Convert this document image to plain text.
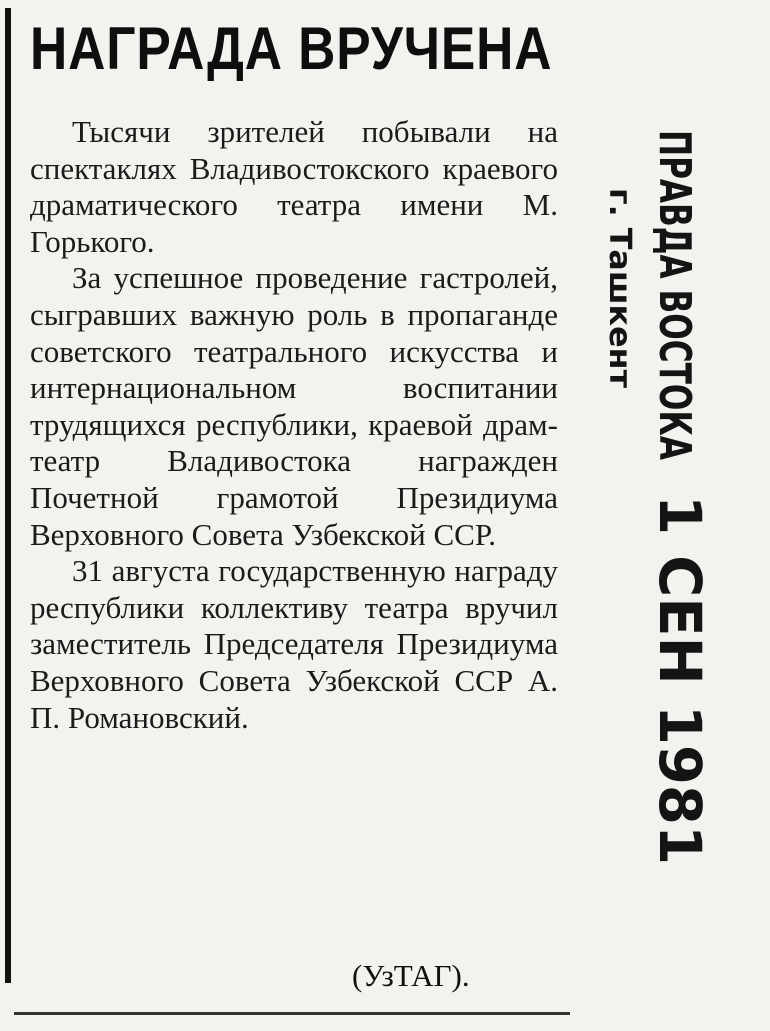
НАГРАДА ВРУЧЕНА

Тысячи зрителей побывали на спектаклях Владивостокского краевого драматического театра имени М. Горького.

За успешное проведение гастролей, сыгравших важную роль в пропаганде советского театрального искусства и интернациональном воспитании трудящихся республики, краевой драмтеатр Владивостока награжден Почетной грамотой Президиума Верховного Совета Узбекской ССР.

31 августа государственную награду республики коллективу театра вручил заместитель Председателя Президиума Верховного Совета Узбекской ССР А. П. Романовский.

(УзТАГ).
ПРАВДА ВОСТОКА
г. Ташкент
1 СЕН 1981
